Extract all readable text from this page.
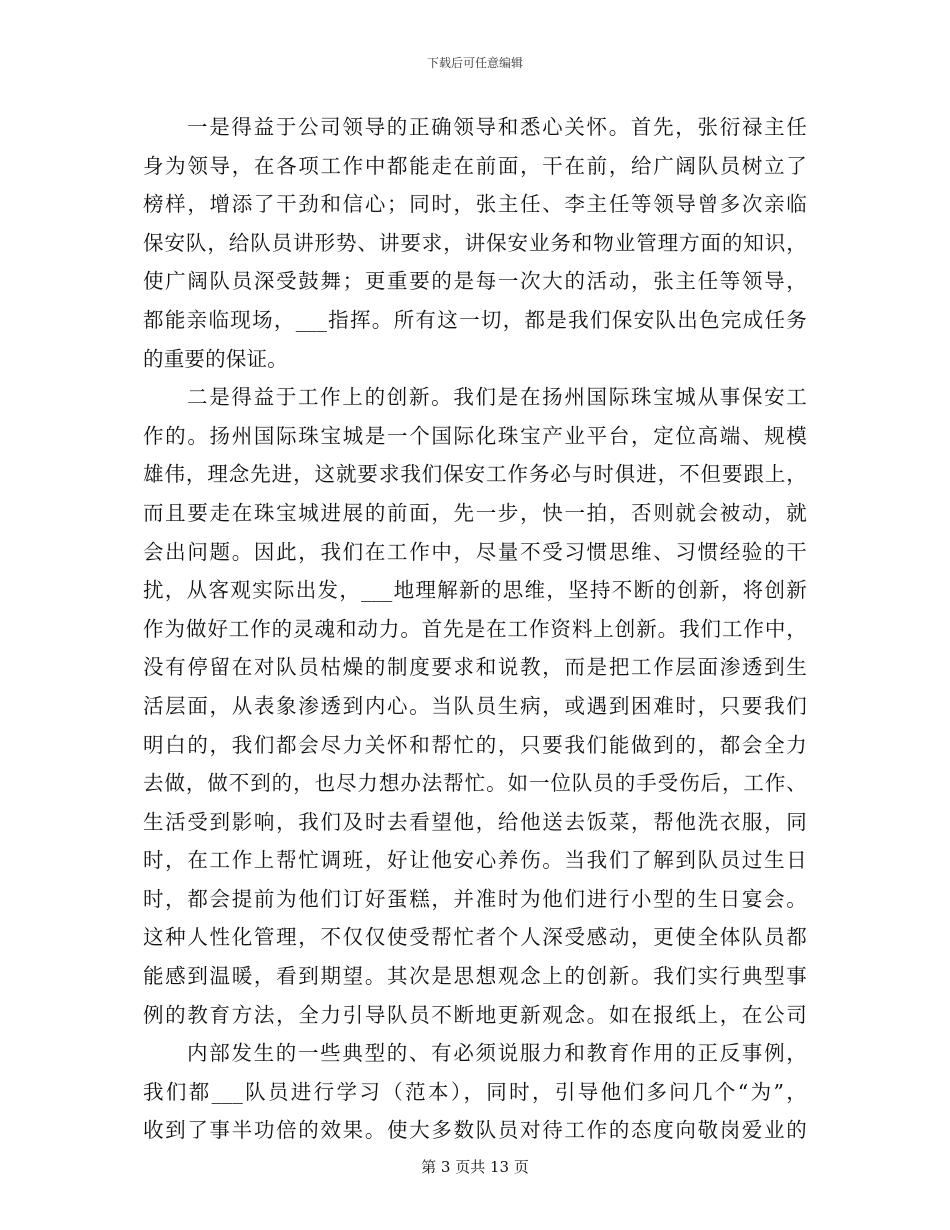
下载后可任意编辑
一是得益于公司领导的正确领导和悉心关怀。首先，张衍禄主任
身为领导，在各项工作中都能走在前面，干在前，给广阔队员树立了
榜样，增添了干劲和信心；同时，张主任、李主任等领导曾多次亲临
保安队，给队员讲形势、讲要求，讲保安业务和物业管理方面的知识，
使广阔队员深受鼓舞；更重要的是每一次大的活动，张主任等领导，
都能亲临现场，___指挥。所有这一切，都是我们保安队出色完成任务
的重要的保证。
二是得益于工作上的创新。我们是在扬州国际珠宝城从事保安工
作的。扬州国际珠宝城是一个国际化珠宝产业平台，定位高端、规模
雄伟，理念先进，这就要求我们保安工作务必与时俱进，不但要跟上，
而且要走在珠宝城进展的前面，先一步，快一拍，否则就会被动，就
会出问题。因此，我们在工作中，尽量不受习惯思维、习惯经验的干
扰，从客观实际出发，___地理解新的思维，坚持不断的创新，将创新
作为做好工作的灵魂和动力。首先是在工作资料上创新。我们工作中，
没有停留在对队员枯燥的制度要求和说教，而是把工作层面渗透到生
活层面，从表象渗透到内心。当队员生病，或遇到困难时，只要我们
明白的，我们都会尽力关怀和帮忙的，只要我们能做到的，都会全力
去做，做不到的，也尽力想办法帮忙。如一位队员的手受伤后，工作、
生活受到影响，我们及时去看望他，给他送去饭菜，帮他洗衣服，同
时，在工作上帮忙调班，好让他安心养伤。当我们了解到队员过生日
时，都会提前为他们订好蛋糕，并准时为他们进行小型的生日宴会。
这种人性化管理，不仅仅使受帮忙者个人深受感动，更使全体队员都
能感到温暖，看到期望。其次是思想观念上的创新。我们实行典型事
例的教育方法，全力引导队员不断地更新观念。如在报纸上，在公司
内部发生的一些典型的、有必须说服力和教育作用的正反事例，
我们都___队员进行学习（范本），同时，引导他们多问几个“为”，
收到了事半功倍的效果。使大多数队员对待工作的态度向敬岗爱业的
第 3 页共 13 页
